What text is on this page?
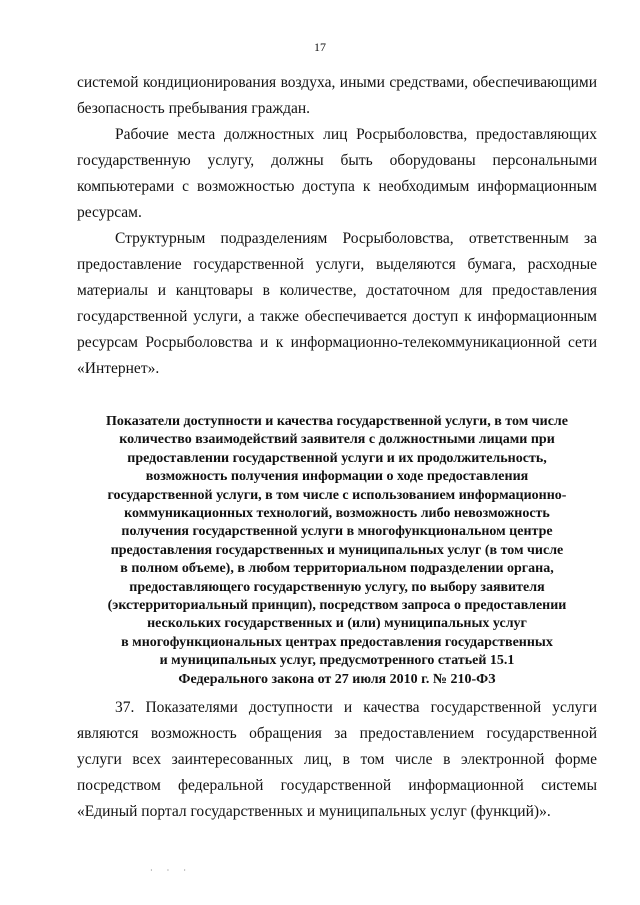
17

системой кондиционирования воздуха, иными средствами, обеспечивающими безопасность пребывания граждан.

Рабочие места должностных лиц Росрыболовства, предоставляющих государственную услугу, должны быть оборудованы персональными компьютерами с возможностью доступа к необходимым информационным ресурсам.

Структурным подразделениям Росрыболовства, ответственным за предоставление государственной услуги, выделяются бумага, расходные материалы и канцтовары в количестве, достаточном для предоставления государственной услуги, а также обеспечивается доступ к информационным ресурсам Росрыболовства и к информационно-телекоммуникационной сети «Интернет».

Показатели доступности и качества государственной услуги, в том числе
количество взаимодействий заявителя с должностными лицами при
предоставлении государственной услуги и их продолжительность,
возможность получения информации о ходе предоставления
государственной услуги, в том числе с использованием информационно-
коммуникационных технологий, возможность либо невозможность
получения государственной услуги в многофункциональном центре
предоставления государственных и муниципальных услуг (в том числе
в полном объеме), в любом территориальном подразделении органа,
предоставляющего государственную услугу, по выбору заявителя
(экстерриториальный принцип), посредством запроса о предоставлении
нескольких государственных и (или) муниципальных услуг
в многофункциональных центрах предоставления государственных
и муниципальных услуг, предусмотренного статьей 15.1
Федерального закона от 27 июля 2010 г. № 210-ФЗ

37. Показателями доступности и качества государственной услуги являются возможность обращения за предоставлением государственной услуги всех заинтересованных лиц, в том числе в электронной форме посредством федеральной государственной информационной системы «Единый портал государственных и муниципальных услуг (функций)».

· · ·
